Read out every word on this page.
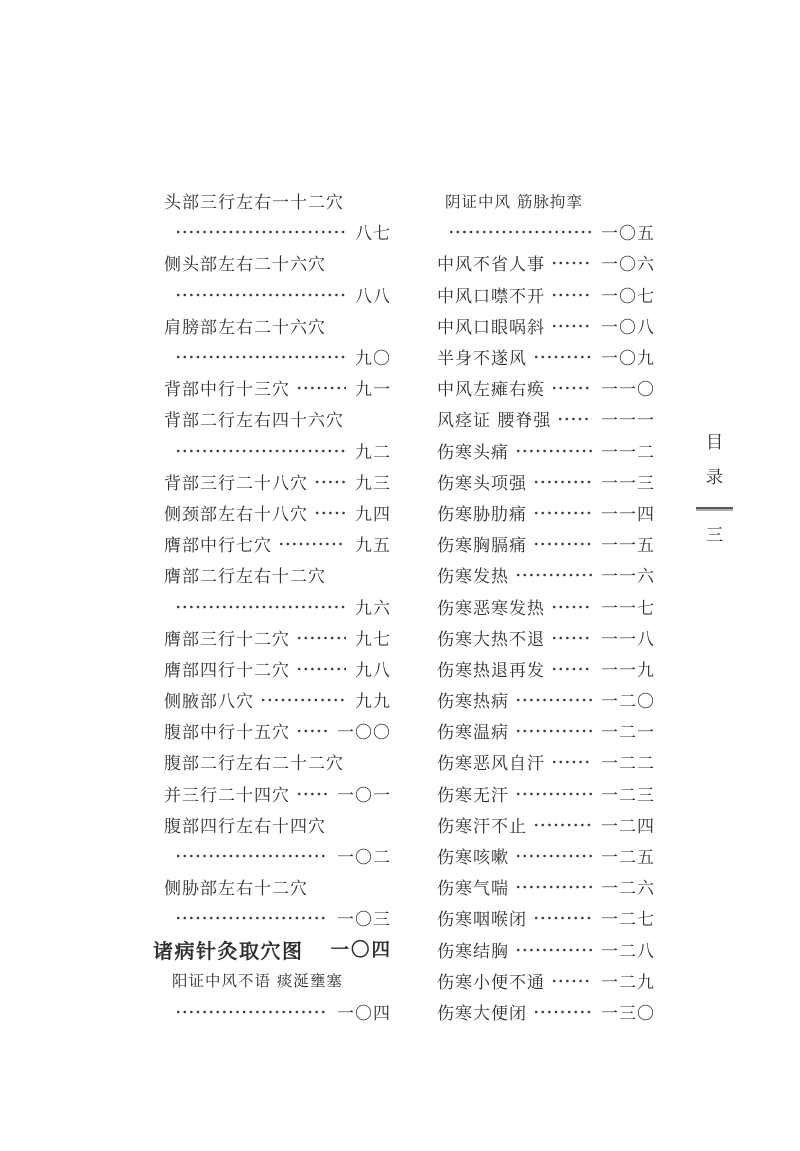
头部三行左右一十二穴
八七
侧头部左右二十六穴
八八
肩膀部左右二十六穴
九〇
背部中行十三穴	九一
背部二行左右四十六穴
九二
背部三行二十八穴	九三
侧颈部左右十八穴	九四
膺部中行七穴	九五
膺部二行左右十二穴
九六
膺部三行十二穴	九七
膺部四行十二穴	九八
侧腋部八穴	九九
腹部中行十五穴	一〇〇
腹部二行左右二十二穴
并三行二十四穴	一〇一
腹部四行左右十四穴
一〇二
侧胁部左右十二穴
一〇三
诸病针灸取穴图 一〇四
阳证中风不语 痰涎壅塞
一〇四
阴证中风 筋脉拘挛
一〇五
中风不省人事	一〇六
中风口噤不开	一〇七
中风口眼㖞斜	一〇八
半身不遂风	一〇九
中风左瘫右痪	一一〇
风痉证 腰脊强	一一一
伤寒头痛	一一二
伤寒头项强	一一三
伤寒胁肋痛	一一四
伤寒胸膈痛	一一五
伤寒发热	一一六
伤寒恶寒发热	一一七
伤寒大热不退	一一八
伤寒热退再发	一一九
伤寒热病	一二〇
伤寒温病	一二一
伤寒恶风自汗	一二二
伤寒无汗	一二三
伤寒汗不止	一二四
伤寒咳嗽	一二五
伤寒气喘	一二六
伤寒咽喉闭	一二七
伤寒结胸	一二八
伤寒小便不通	一二九
伤寒大便闭	一三〇
目
录
三
